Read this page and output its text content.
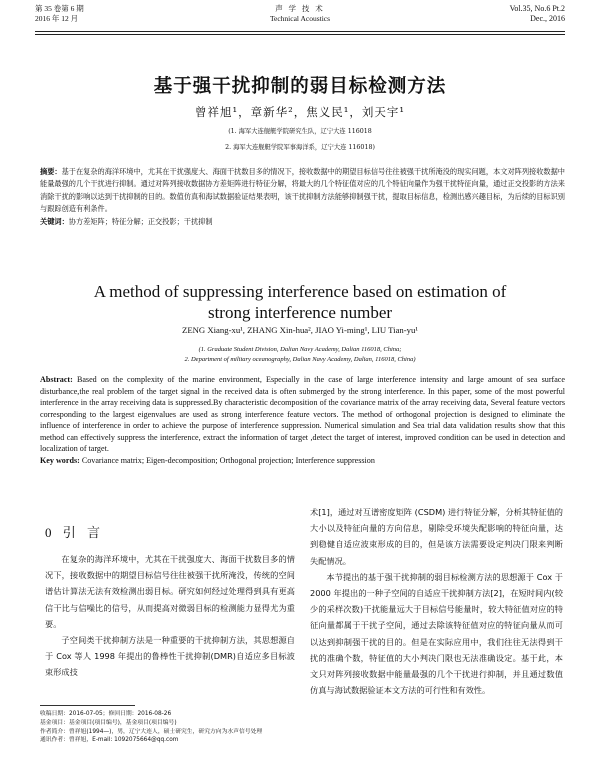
第 35 卷第 6 期
2016 年 12 月
声 学 技 术
Technical Acoustics
Vol.35, No.6 Pt.2
Dec., 2016
基于强干扰抑制的弱目标检测方法
曾祥旭¹，章新华²，焦义民¹，刘天宇¹
(1. 海军大连舰艇学院研究生队，辽宁大连 116018
2. 海军大连舰艇学院军事海洋系，辽宁大连 116018)
摘要：基于在复杂的海洋环境中，尤其在干扰强度大、海面干扰数目多的情况下，接收数据中的期望目标信号往往被强干扰所淹没的现实问题，本文对阵列接收数据中能量最强的几个干扰进行抑制。通过对阵列接收数据协方差矩阵进行特征分解，将最大的几个特征值对应的几个特征向量作为强干扰特征向量，通过正交投影的方法来消除干扰的影响以达到干扰抑制的目的。数值仿真和海试数据验证结果表明，该干扰抑制方法能够抑制强干扰，提取目标信息，检测出感兴趣目标，为后续的目标识别与跟踪创造有利条件。
关键词：协方差矩阵；特征分解；正交投影；干扰抑制
A method of suppressing interference based on estimation of strong interference number
ZENG Xiang-xu¹, ZHANG Xin-hua², JIAO Yi-ming¹, LIU Tian-yu¹
(1. Graduate Student Division, Dalian Navy Academy, Dalian 116018, China;
2. Department of military oceanography, Dalian Navy Academy, Dalian, 116018, China)
Abstract: Based on the complexity of the marine environment, Especially in the case of large interference intensity and large amount of sea surface disturbance,the real problem of the target signal in the received data is often submerged by the strong interference. In this paper, some of the most powerful interference in the array receiving data is suppressed.By characteristic decomposition of the covariance matrix of the array receiving data, Several feature vectors corresponding to the largest eigenvalues are used as strong interference feature vectors. The method of orthogonal projection is designed to eliminate the influence of interference in order to achieve the purpose of interference suppression. Numerical simulation and Sea trial data validation results show that this method can effectively suppress the interference, extract the information of target ,detect the target of interest, improved condition can be used in detection and localization of target.
Key words: Covariance matrix; Eigen-decomposition; Orthogonal projection; Interference suppression
0 引 言

在复杂的海洋环境中，尤其在干扰强度大、海面干扰数目多的情况下，接收数据中的期望目标信号往往被强干扰所淹没，传统的空间谱估计算法无法有效检测出弱目标。研究如何经过处理得到具有更高信干比与信噪比的信号，从而提高对微弱目标的检测能力显得尤为重要。

子空间类干扰抑制方法是一种重要的干扰抑制方法，其思想源自于 Cox 等人 1998 年提出的鲁棒性干扰抑制(DMR)自适应多目标波束形成技

收稿日期：2016-07-05；修回日期：2016-08-26
基金项目：基金项目(项目编号)，基金项目(项目编号)
作者简介：曾祥旭(1994—)，男，辽宁大连人，硕士研究生，研究方向为水声信号处理
通讯作者：曾祥旭，E-mail: 1092075664@qq.com

术[1]，通过对互谱密度矩阵 (CSDM) 进行特征分解，分析其特征值的大小以及特征向量的方向信息，剔除受环境失配影响的特征向量，达到稳健自适应波束形成的目的，但是该方法需要设定判决门限来判断失配情况。

本节提出的基于强干扰抑制的弱目标检测方法的思想源于 Cox 于 2000 年提出的一种子空间的自适应干扰抑制方法[2]，在短时间内(较少的采样次数)干扰能量远大于目标信号能量时，较大特征值对应的特征向量都属于干扰子空间，通过去除该特征值对应的特征向量从而可以达到抑制强干扰的目的。但是在实际应用中，我们往往无法得到干扰的准确个数，特征值的大小判决门限也无法准确设定。基于此，本文只对阵列接收数据中能量最强的几个干扰进行抑制，并且通过数值仿真与海试数据验证本文方法的可行性和有效性。
